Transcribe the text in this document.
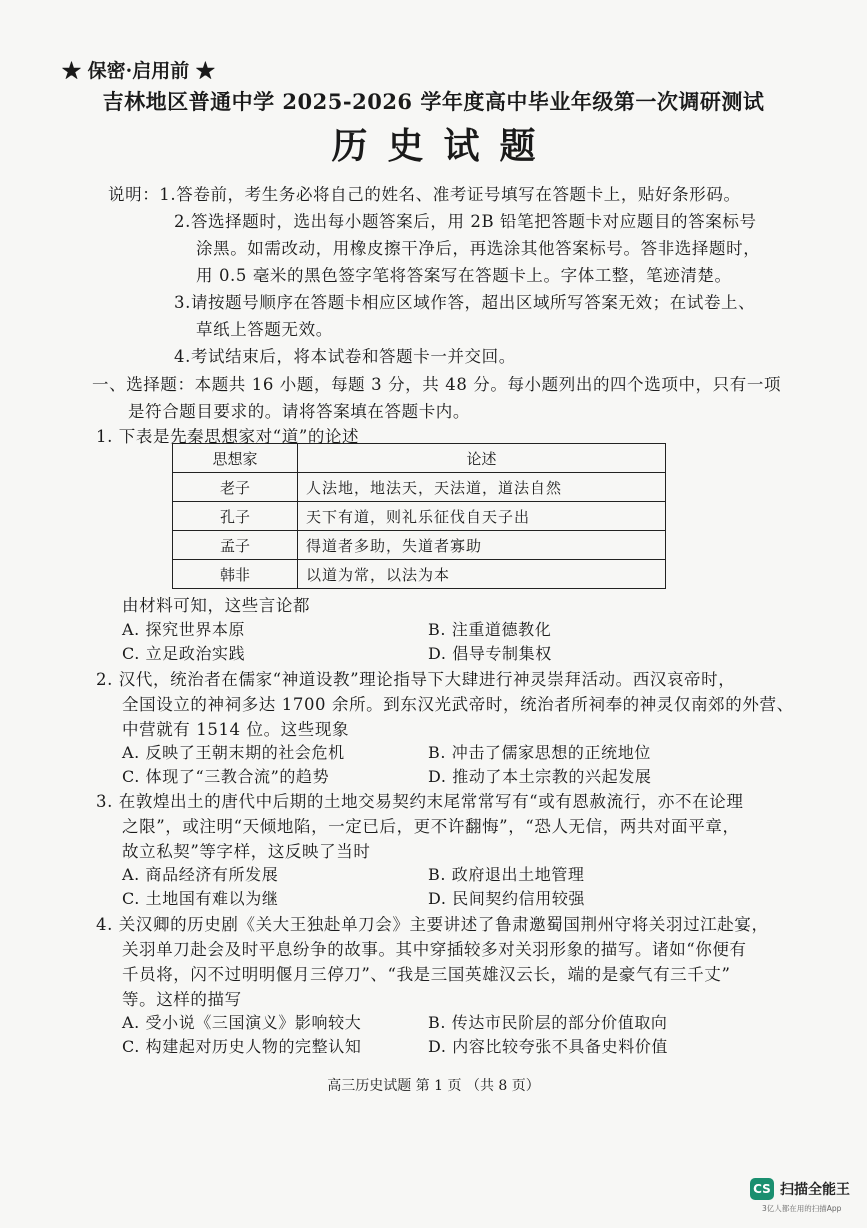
★ 保密·启用前 ★
吉林地区普通中学 2025-2026 学年度高中毕业年级第一次调研测试
历史试题
说明：1.答卷前，考生务必将自己的姓名、准考证号填写在答题卡上，贴好条形码。
2.答选择题时，选出每小题答案后，用 2B 铅笔把答题卡对应题目的答案标号
涂黑。如需改动，用橡皮擦干净后，再选涂其他答案标号。答非选择题时，
用 0.5 毫米的黑色签字笔将答案写在答题卡上。字体工整，笔迹清楚。
3.请按题号顺序在答题卡相应区域作答，超出区域所写答案无效；在试卷上、
草纸上答题无效。
4.考试结束后，将本试卷和答题卡一并交回。
一、选择题：本题共 16 小题，每题 3 分，共 48 分。每小题列出的四个选项中，只有一项
是符合题目要求的。请将答案填在答题卡内。
1. 下表是先秦思想家对“道”的论述
思想家	论述
老子	人法地，地法天，天法道，道法自然
孔子	天下有道，则礼乐征伐自天子出
孟子	得道者多助，失道者寡助
韩非	以道为常，以法为本
由材料可知，这些言论都
A. 探究世界本原	B. 注重道德教化
C. 立足政治实践	D. 倡导专制集权
2. 汉代，统治者在儒家“神道设教”理论指导下大肆进行神灵崇拜活动。西汉哀帝时，
全国设立的神祠多达 1700 余所。到东汉光武帝时，统治者所祠奉的神灵仅南郊的外营、
中营就有 1514 位。这些现象
A. 反映了王朝末期的社会危机	B. 冲击了儒家思想的正统地位
C. 体现了“三教合流”的趋势	D. 推动了本土宗教的兴起发展
3. 在敦煌出土的唐代中后期的土地交易契约末尾常常写有“或有恩赦流行，亦不在论理
之限”，或注明“天倾地陷，一定已后，更不许翻悔”，“恐人无信，两共对面平章，
故立私契”等字样，这反映了当时
A. 商品经济有所发展	B. 政府退出土地管理
C. 土地国有难以为继	D. 民间契约信用较强
4. 关汉卿的历史剧《关大王独赴单刀会》主要讲述了鲁肃邀蜀国荆州守将关羽过江赴宴，
关羽单刀赴会及时平息纷争的故事。其中穿插较多对关羽形象的描写。诸如“你便有
千员将，闪不过明明偃月三停刀”、“我是三国英雄汉云长，端的是豪气有三千丈”
等。这样的描写
A. 受小说《三国演义》影响较大	B. 传达市民阶层的部分价值取向
C. 构建起对历史人物的完整认知	D. 内容比较夸张不具备史料价值
高三历史试题 第 1 页 （共 8 页）
CS 扫描全能王
3亿人都在用的扫描App
